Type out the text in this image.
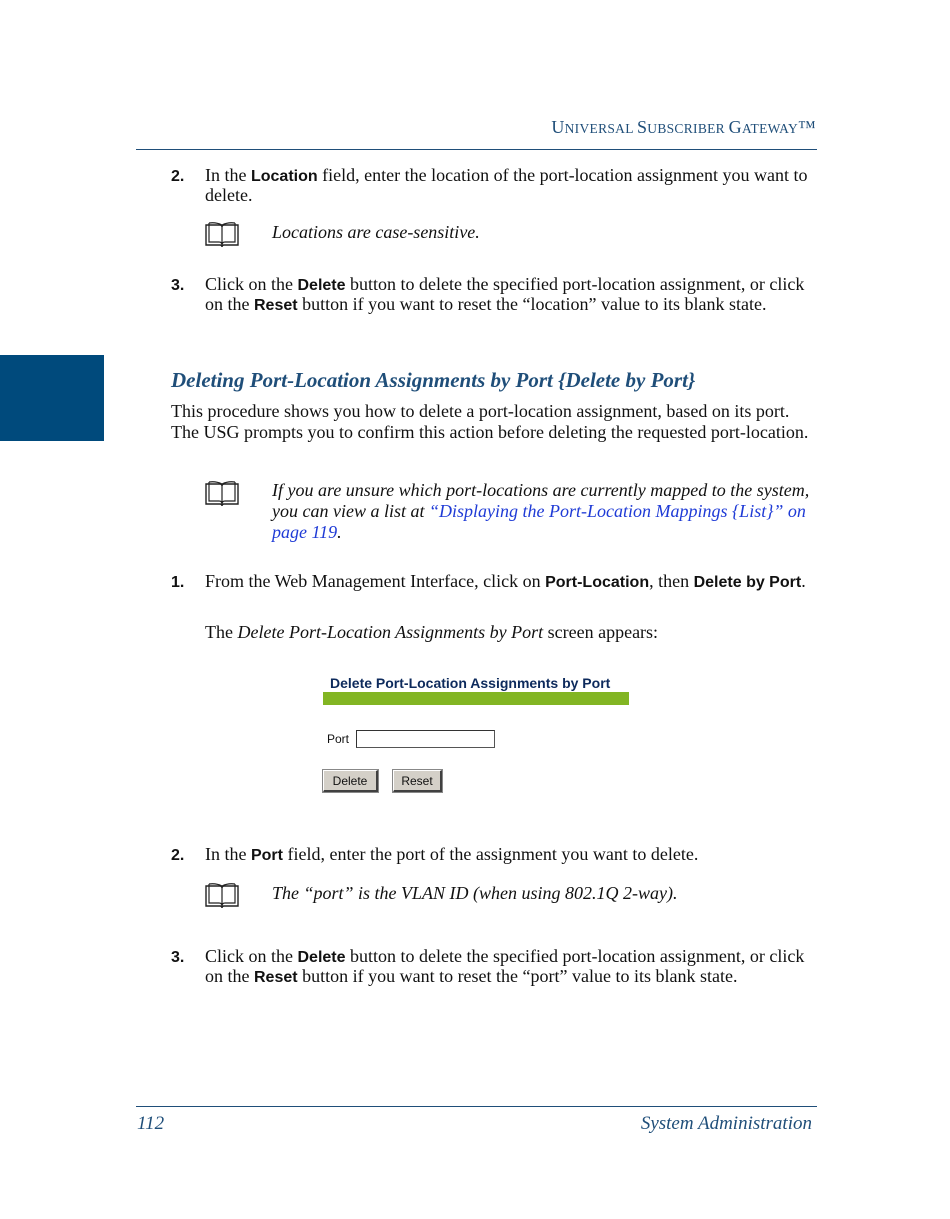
UNIVERSAL SUBSCRIBER GATEWAY™
2. In the Location field, enter the location of the port-location assignment you want to delete.
Locations are case-sensitive.
3. Click on the Delete button to delete the specified port-location assignment, or click on the Reset button if you want to reset the “location” value to its blank state.
Deleting Port-Location Assignments by Port {Delete by Port}
This procedure shows you how to delete a port-location assignment, based on its port. The USG prompts you to confirm this action before deleting the requested port-location.
If you are unsure which port-locations are currently mapped to the system, you can view a list at “Displaying the Port-Location Mappings {List}” on page 119.
1. From the Web Management Interface, click on Port-Location, then Delete by Port.
The Delete Port-Location Assignments by Port screen appears:
Delete Port-Location Assignments by Port
Port
Delete	Reset
2. In the Port field, enter the port of the assignment you want to delete.
The “port” is the VLAN ID (when using 802.1Q 2-way).
3. Click on the Delete button to delete the specified port-location assignment, or click on the Reset button if you want to reset the “port” value to its blank state.
112	System Administration
